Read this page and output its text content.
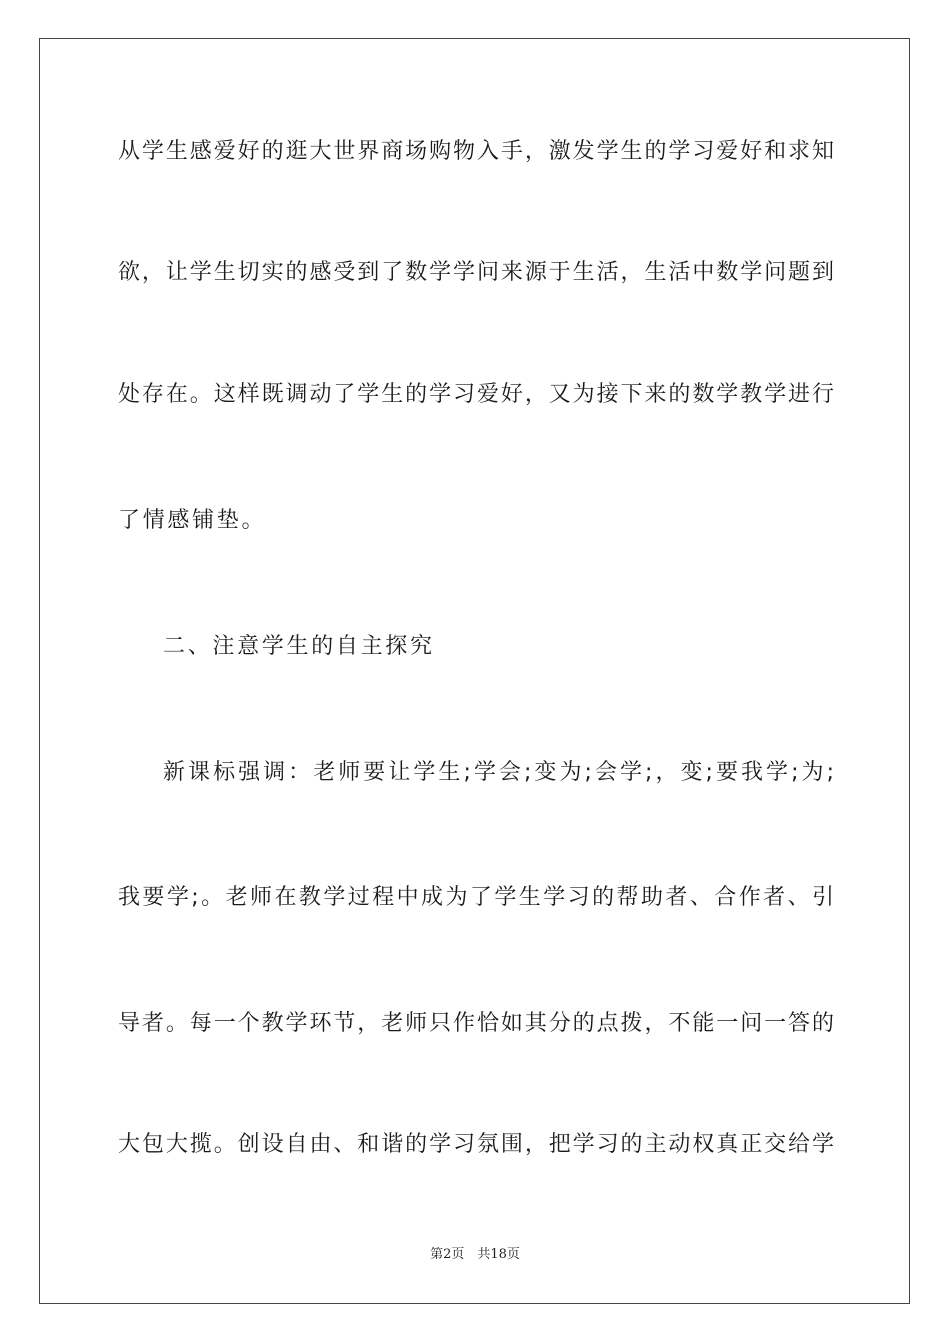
从学生感爱好的逛大世界商场购物入手，激发学生的学习爱好和求知
欲，让学生切实的感受到了数学学问来源于生活，生活中数学问题到
处存在。这样既调动了学生的学习爱好，又为接下来的数学教学进行
了情感铺垫。
二、注意学生的自主探究
新课标强调：老师要让学生;学会;变为;会学;，变;要我学;为;
我要学;。老师在教学过程中成为了学生学习的帮助者、合作者、引
导者。每一个教学环节，老师只作恰如其分的点拨，不能一问一答的
大包大揽。创设自由、和谐的学习氛围，把学习的主动权真正交给学
第2页　共18页
